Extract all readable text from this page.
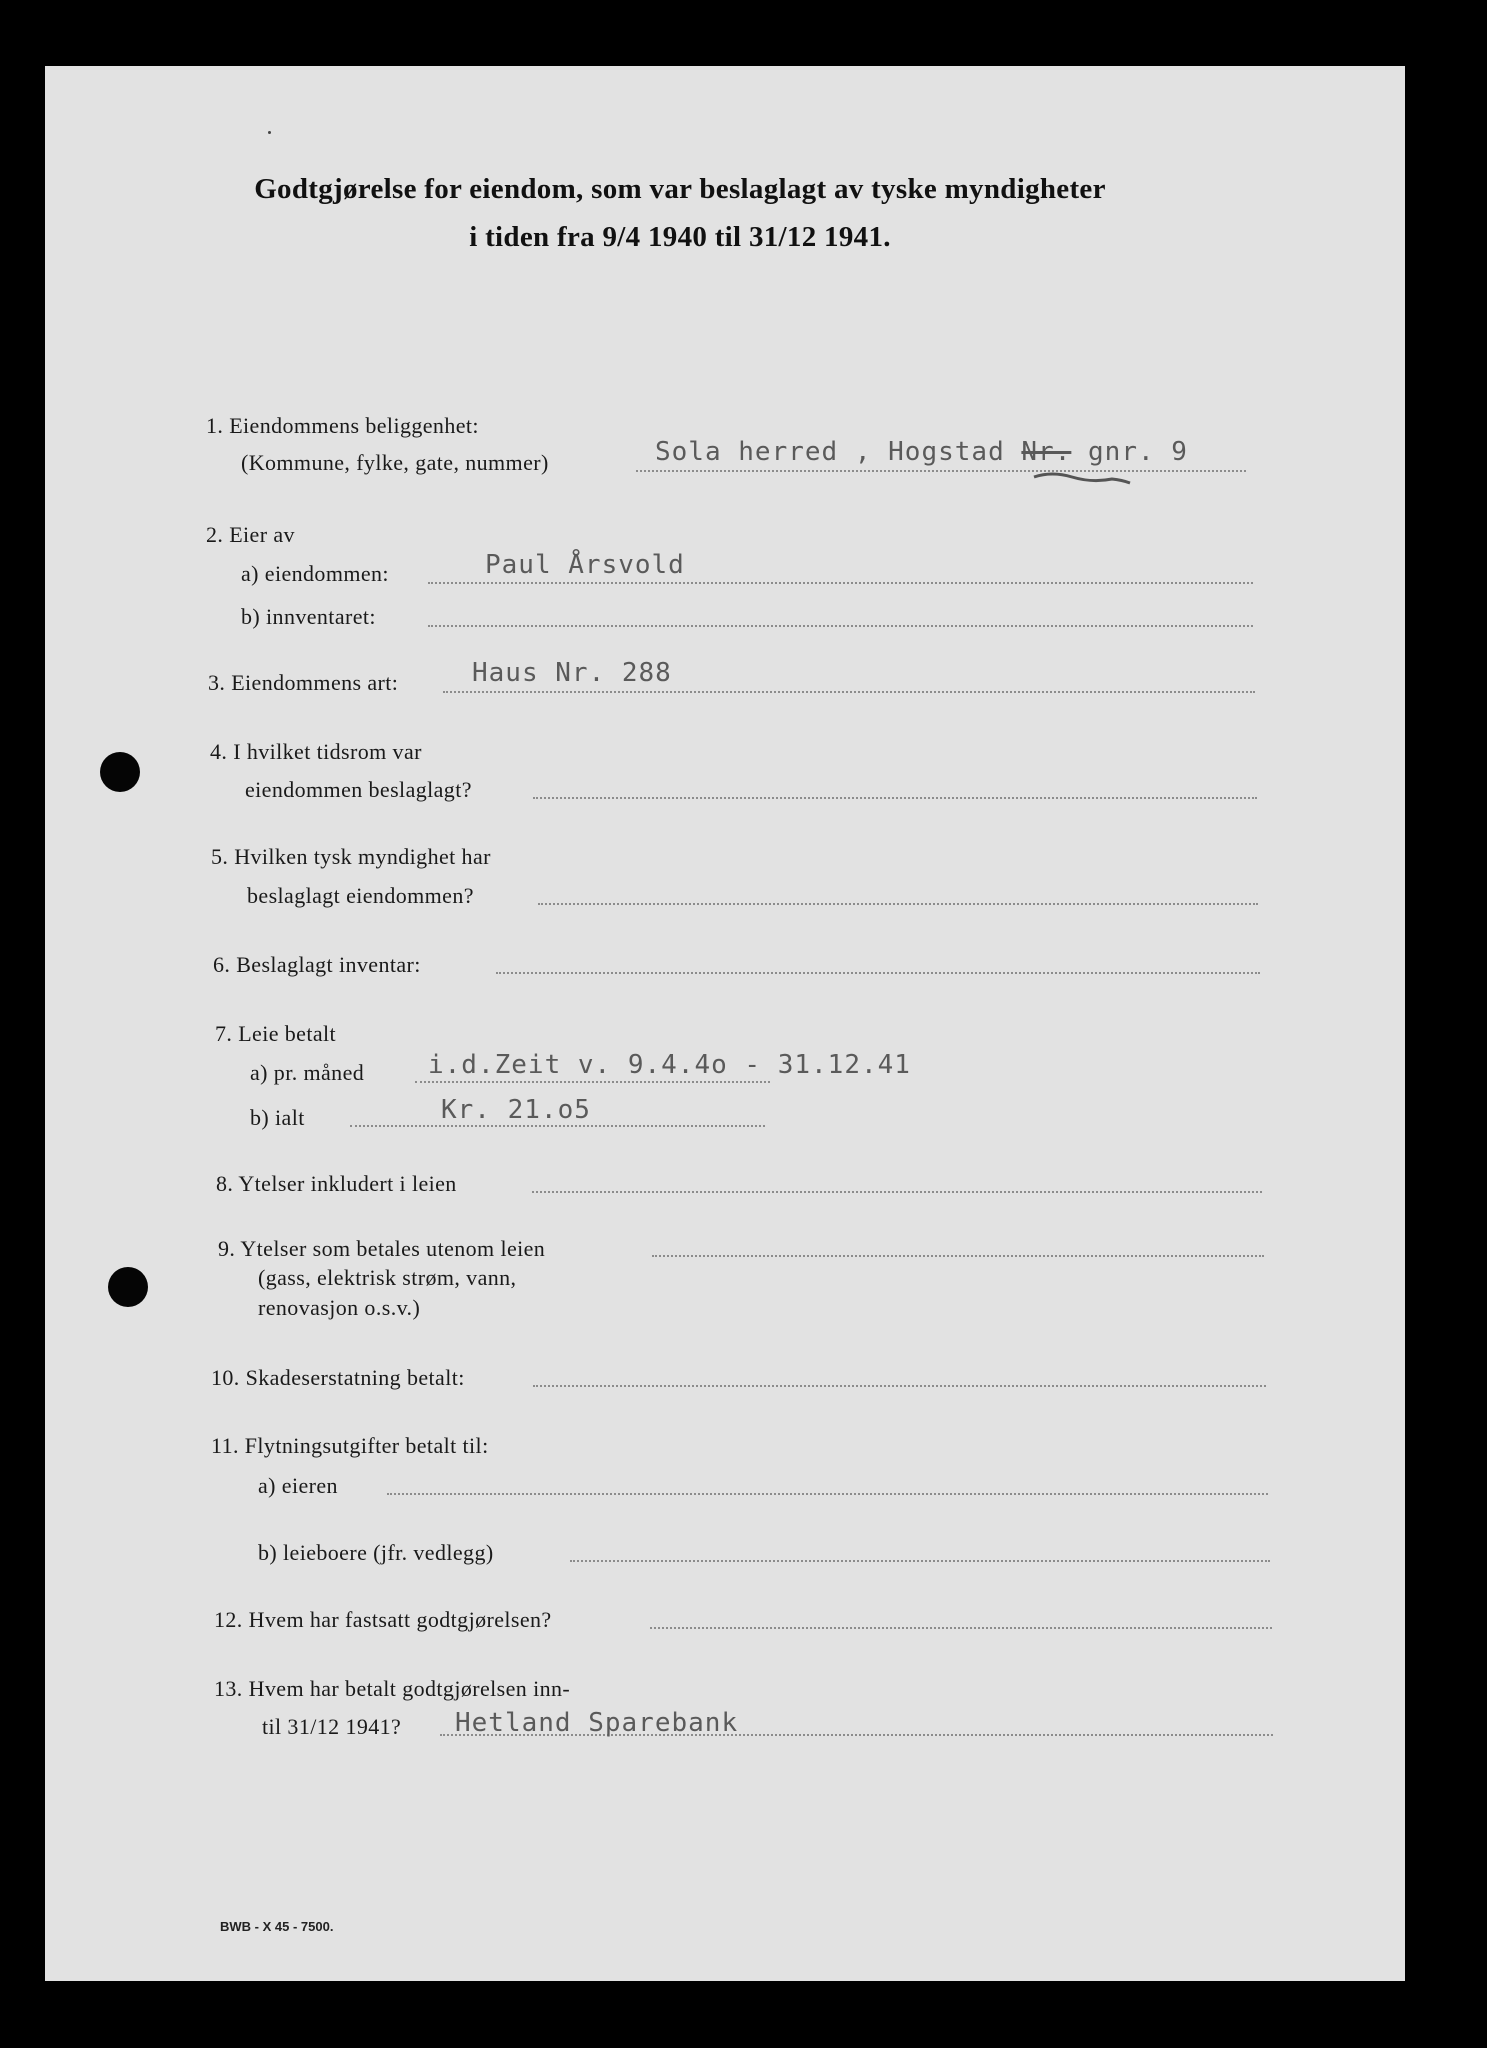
Godtgjørelse for eiendom, som var beslaglagt av tyske myndigheter
i tiden fra 9/4 1940 til 31/12 1941.
1. Eiendommens beliggenhet:
(Kommune, fylke, gate, nummer)	Sola herred , Hogstad Nr. gnr. 9
2. Eier av
a) eiendommen:	Paul Årsvold
b) innventaret:
3. Eiendommens art:	Haus Nr. 288
4. I hvilket tidsrom var
eiendommen beslaglagt?
5. Hvilken tysk myndighet har
beslaglagt eiendommen?
6. Beslaglagt inventar:
7. Leie betalt
a) pr. måned i.d.Zeit v. 9.4.4o - 31.12.41
b) ialt	Kr. 21.o5
8. Ytelser inkludert i leien
9. Ytelser som betales utenom leien
(gass, elektrisk strøm, vann,
renovasjon o.s.v.)
10. Skadeserstatning betalt:
11. Flytningsutgifter betalt til:
a) eieren
b) leieboere (jfr. vedlegg)
12. Hvem har fastsatt godtgjørelsen?
13. Hvem har betalt godtgjørelsen inn-
til 31/12 1941? Hetland Sparebank
BWB - X 45 - 7500.
